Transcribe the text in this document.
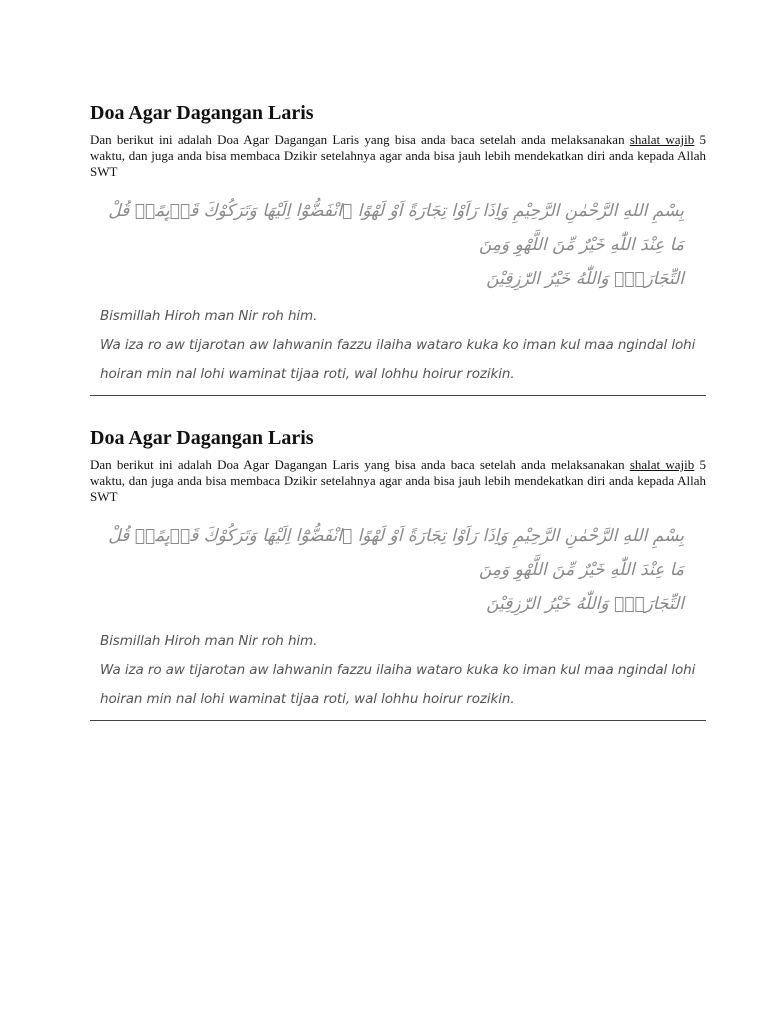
Doa Agar Dagangan Laris

Dan berikut ini adalah Doa Agar Dagangan Laris yang bisa anda baca setelah anda melaksanakan shalat wajib 5 waktu, dan juga anda bisa membaca Dzikir setelahnya agar anda bisa jauh lebih mendekatkan diri anda kepada Allah SWT

بِسْمِ اللهِ الرَّحْمٰنِ الرَّحِيْمِ وَاِذَا رَاَوْا تِجَارَةً اَوْ لَهْوًا ۨانْفَضُّوْٓا اِلَيْهَا وَتَرَكُوْكَ قَاۤىِٕمًاۗ قُلْ مَا عِنْدَ اللّٰهِ خَيْرٌ مِّنَ اللَّهْوِ وَمِنَ
التِّجَارَةِۗ وَاللّٰهُ خَيْرُ الرّٰزِقِيْنَ
Bismillah Hiroh man Nir roh him.
Wa iza ro aw tijarotan aw lahwanin fazzu ilaiha wataro kuka ko iman kul maa ngindal lohi
hoiran min nal lohi waminat tijaa roti, wal lohhu hoirur rozikin.
Doa Agar Dagangan Laris

Dan berikut ini adalah Doa Agar Dagangan Laris yang bisa anda baca setelah anda melaksanakan shalat wajib 5 waktu, dan juga anda bisa membaca Dzikir setelahnya agar anda bisa jauh lebih mendekatkan diri anda kepada Allah SWT

بِسْمِ اللهِ الرَّحْمٰنِ الرَّحِيْمِ وَاِذَا رَاَوْا تِجَارَةً اَوْ لَهْوًا ۨانْفَضُّوْٓا اِلَيْهَا وَتَرَكُوْكَ قَاۤىِٕمًاۗ قُلْ مَا عِنْدَ اللّٰهِ خَيْرٌ مِّنَ اللَّهْوِ وَمِنَ
التِّجَارَةِۗ وَاللّٰهُ خَيْرُ الرّٰزِقِيْنَ
Bismillah Hiroh man Nir roh him.
Wa iza ro aw tijarotan aw lahwanin fazzu ilaiha wataro kuka ko iman kul maa ngindal lohi
hoiran min nal lohi waminat tijaa roti, wal lohhu hoirur rozikin.
